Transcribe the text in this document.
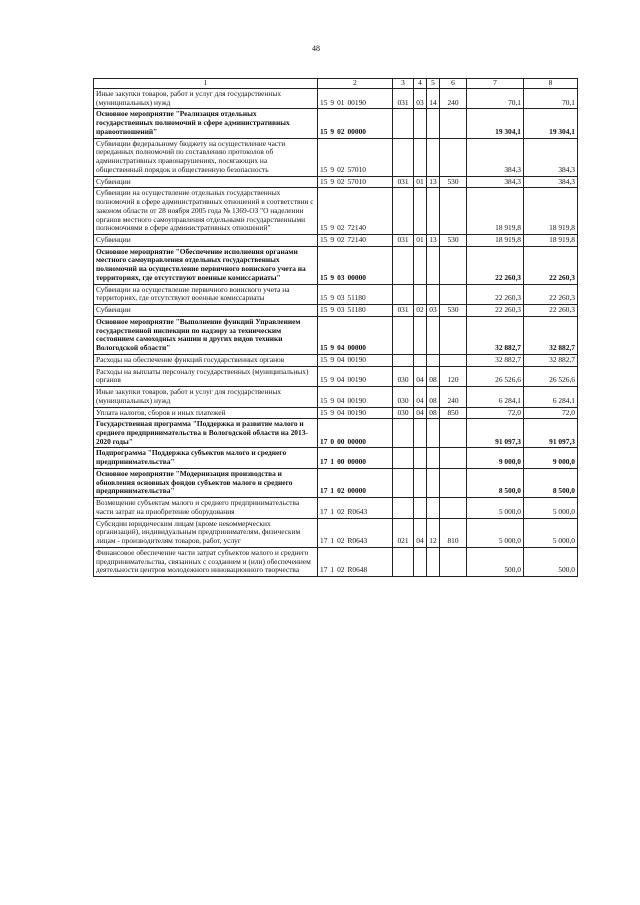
48
1	2	3	4	5	6	7	8
Иные закупки товаров, работ и услуг для государственных (муниципальных) нужд	15 9 01 00190	031	03	14	240	70,1	70,1
Основное мероприятие "Реализация отдельных государственных полномочий в сфере административных правоотношений"	15 9 02 00000					19 304,1	19 304,1
Субвенции федеральному бюджету на осуществление части переданных полномочий по составлению протоколов об административных правонарушениях, посягающих на общественный порядок и общественную безопасность	15 9 02 57010					384,3	384,3
Субвенции	15 9 02 57010	031	01	13	530	384,3	384,3
Субвенции на осуществление отдельных государственных полномочий в сфере административных отношений в соответствии с законом области от 28 ноября 2005 года № 1369-ОЗ "О наделении органов местного самоуправления отдельными государственными полномочиями в сфере административных отношений"	15 9 02 72140					18 919,8	18 919,8
Субвенции	15 9 02 72140	031	01	13	530	18 919,8	18 919,8
Основное мероприятие "Обеспечение исполнения органами местного самоуправления отдельных государственных полномочий на осуществление первичного воинского учета на территориях, где отсутствуют военные комиссариаты"	15 9 03 00000					22 260,3	22 260,3
Субвенции на осуществление первичного воинского учета на территориях, где отсутствуют военные комиссариаты	15 9 03 51180					22 260,3	22 260,3
Субвенции	15 9 03 51180	031	02	03	530	22 260,3	22 260,3
Основное мероприятие "Выполнение функций Управлением государственной инспекции по надзору за техническим состоянием самоходных машин и других видов техники Вологодской области"	15 9 04 00000					32 882,7	32 882,7
Расходы на обеспечение функций государственных органов	15 9 04 00190					32 882,7	32 882,7
Расходы на выплаты персоналу государственных (муниципальных) органов	15 9 04 00190	030	04	08	120	26 526,6	26 526,6
Иные закупки товаров, работ и услуг для государственных (муниципальных) нужд	15 9 04 00190	030	04	08	240	6 284,1	6 284,1
Уплата налогов, сборов и иных платежей	15 9 04 00190	030	04	08	850	72,0	72,0
Государственная программа "Поддержка и развитие малого и среднего предпринимательства в Вологодской области на 2013-2020 годы"	17 0 00 00000					91 097,3	91 097,3
Подпрограмма "Поддержка субъектов малого и среднего предпринимательства"	17 1 00 00000					9 000,0	9 000,0
Основное мероприятие "Модернизация производства и обновления основных фондов субъектов малого и среднего предпринимательства"	17 1 02 00000					8 500,0	8 500,0
Возмещение субъектам малого и среднего предпринимательства части затрат на приобретение оборудования	17 1 02 R0643					5 000,0	5 000,0
Субсидии юридическим лицам (кроме некоммерческих организаций), индивидуальным предпринимателям, физическим лицам - производителям товаров, работ, услуг	17 1 02 R0643	021	04	12	810	5 000,0	5 000,0
Финансовое обеспечение части затрат субъектов малого и среднего предпринимательства, связанных с созданием и (или) обеспечением деятельности центров молодежного инновационного творчества	17 1 02 R0648					500,0	500,0
